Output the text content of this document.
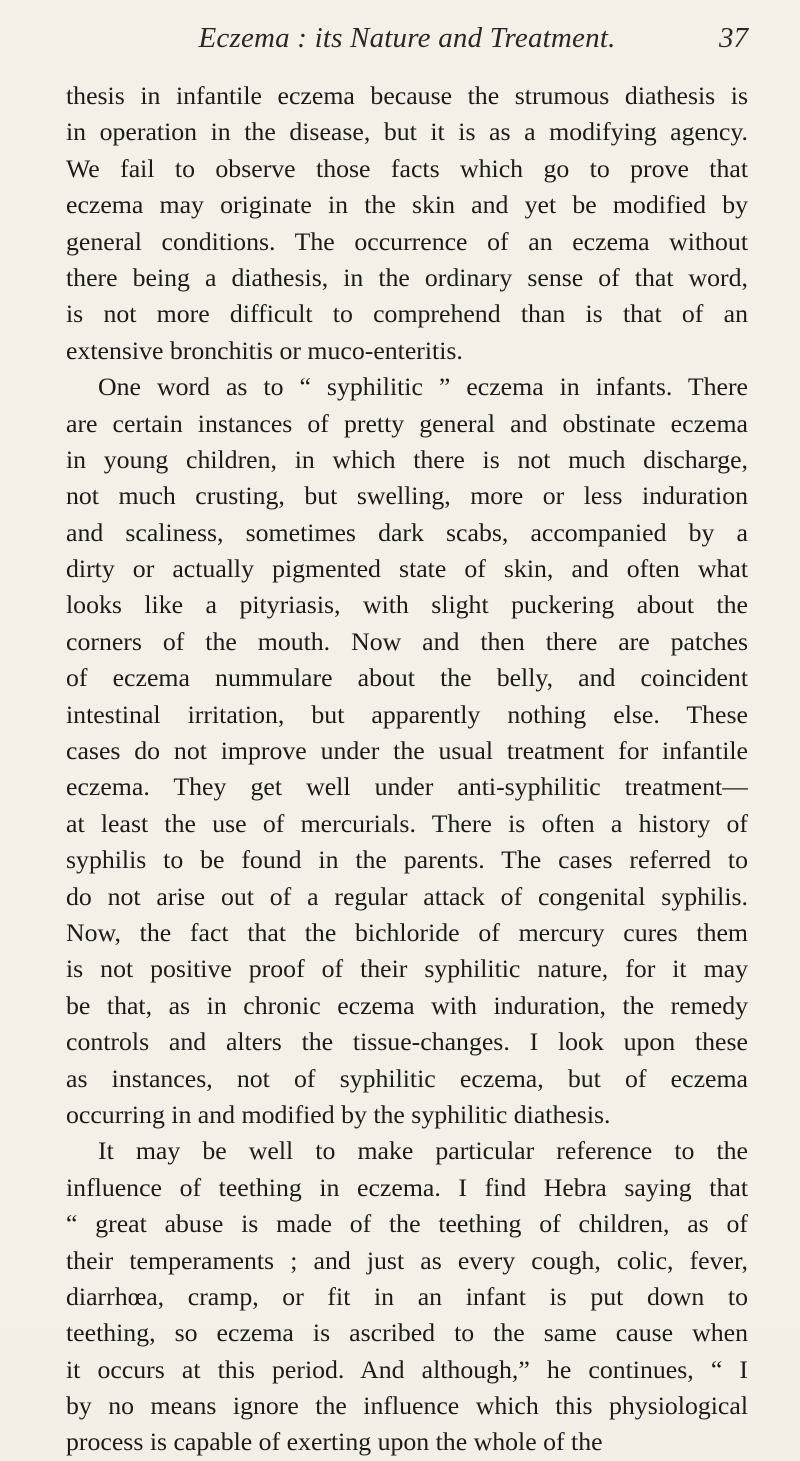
Eczema : its Nature and Treatment.	37
thesis in infantile eczema because the strumous diathesis is
in operation in the disease, but it is as a modifying agency.
We fail to observe those facts which go to prove that
eczema may originate in the skin and yet be modified by
general conditions. The occurrence of an eczema without
there being a diathesis, in the ordinary sense of that word,
is not more difficult to comprehend than is that of an
extensive bronchitis or muco-enteritis.
One word as to “ syphilitic ” eczema in infants. There
are certain instances of pretty general and obstinate eczema
in young children, in which there is not much discharge,
not much crusting, but swelling, more or less induration
and scaliness, sometimes dark scabs, accompanied by a
dirty or actually pigmented state of skin, and often what
looks like a pityriasis, with slight puckering about the
corners of the mouth. Now and then there are patches
of eczema nummulare about the belly, and coincident
intestinal irritation, but apparently nothing else. These
cases do not improve under the usual treatment for infantile
eczema. They get well under anti-syphilitic treatment—
at least the use of mercurials. There is often a history of
syphilis to be found in the parents. The cases referred to
do not arise out of a regular attack of congenital syphilis.
Now, the fact that the bichloride of mercury cures them
is not positive proof of their syphilitic nature, for it may
be that, as in chronic eczema with induration, the remedy
controls and alters the tissue-changes. I look upon these
as instances, not of syphilitic eczema, but of eczema
occurring in and modified by the syphilitic diathesis.
It may be well to make particular reference to the
influence of teething in eczema. I find Hebra saying that
“ great abuse is made of the teething of children, as of
their temperaments ; and just as every cough, colic, fever,
diarrhœa, cramp, or fit in an infant is put down to
teething, so eczema is ascribed to the same cause when
it occurs at this period. And although,” he continues, “ I
by no means ignore the influence which this physiological
process is capable of exerting upon the whole of the
